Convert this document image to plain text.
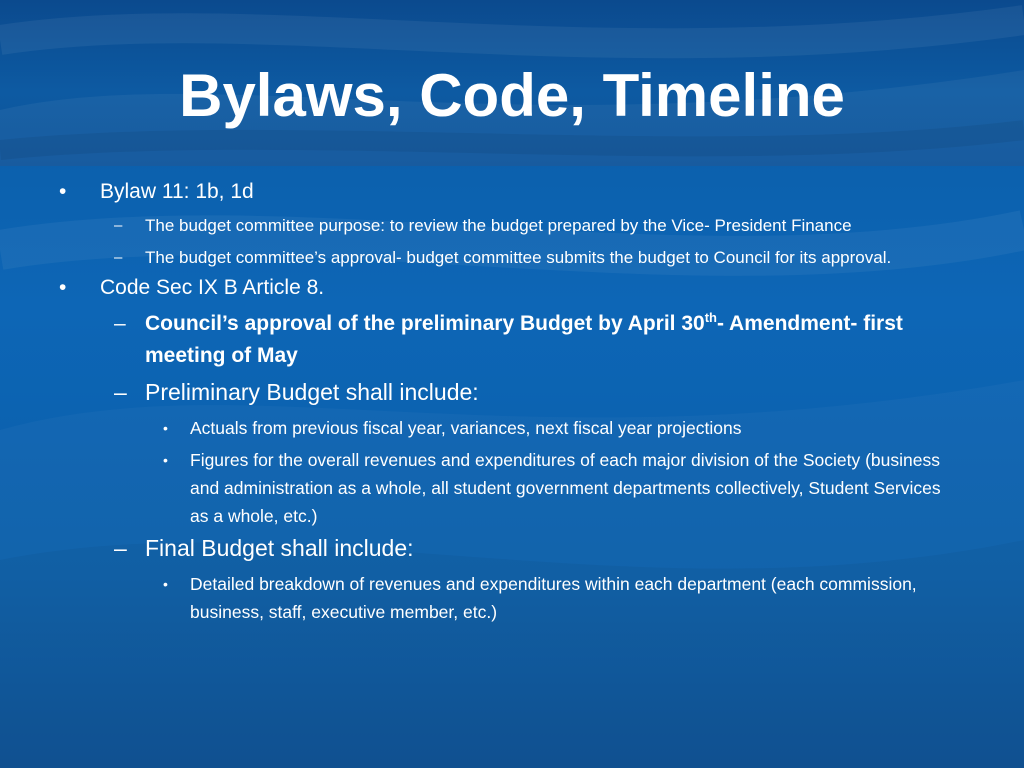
Bylaws, Code, Timeline

• Bylaw 11: 1b, 1d

– The budget committee purpose: to review the budget prepared by the Vice- President Finance

– The budget committee’s approval- budget committee submits the budget to Council for its approval.

• Code Sec IX B Article 8.

– Council’s approval of the preliminary Budget by April 30th- Amendment- first meeting of May

– Preliminary Budget shall include:

• Actuals from previous fiscal year, variances, next fiscal year projections

• Figures for the overall revenues and expenditures of each major division of the Society (business and administration as a whole, all student government departments collectively, Student Services as a whole, etc.)

– Final Budget shall include:

• Detailed breakdown of revenues and expenditures within each department (each commission, business, staff, executive member, etc.)
